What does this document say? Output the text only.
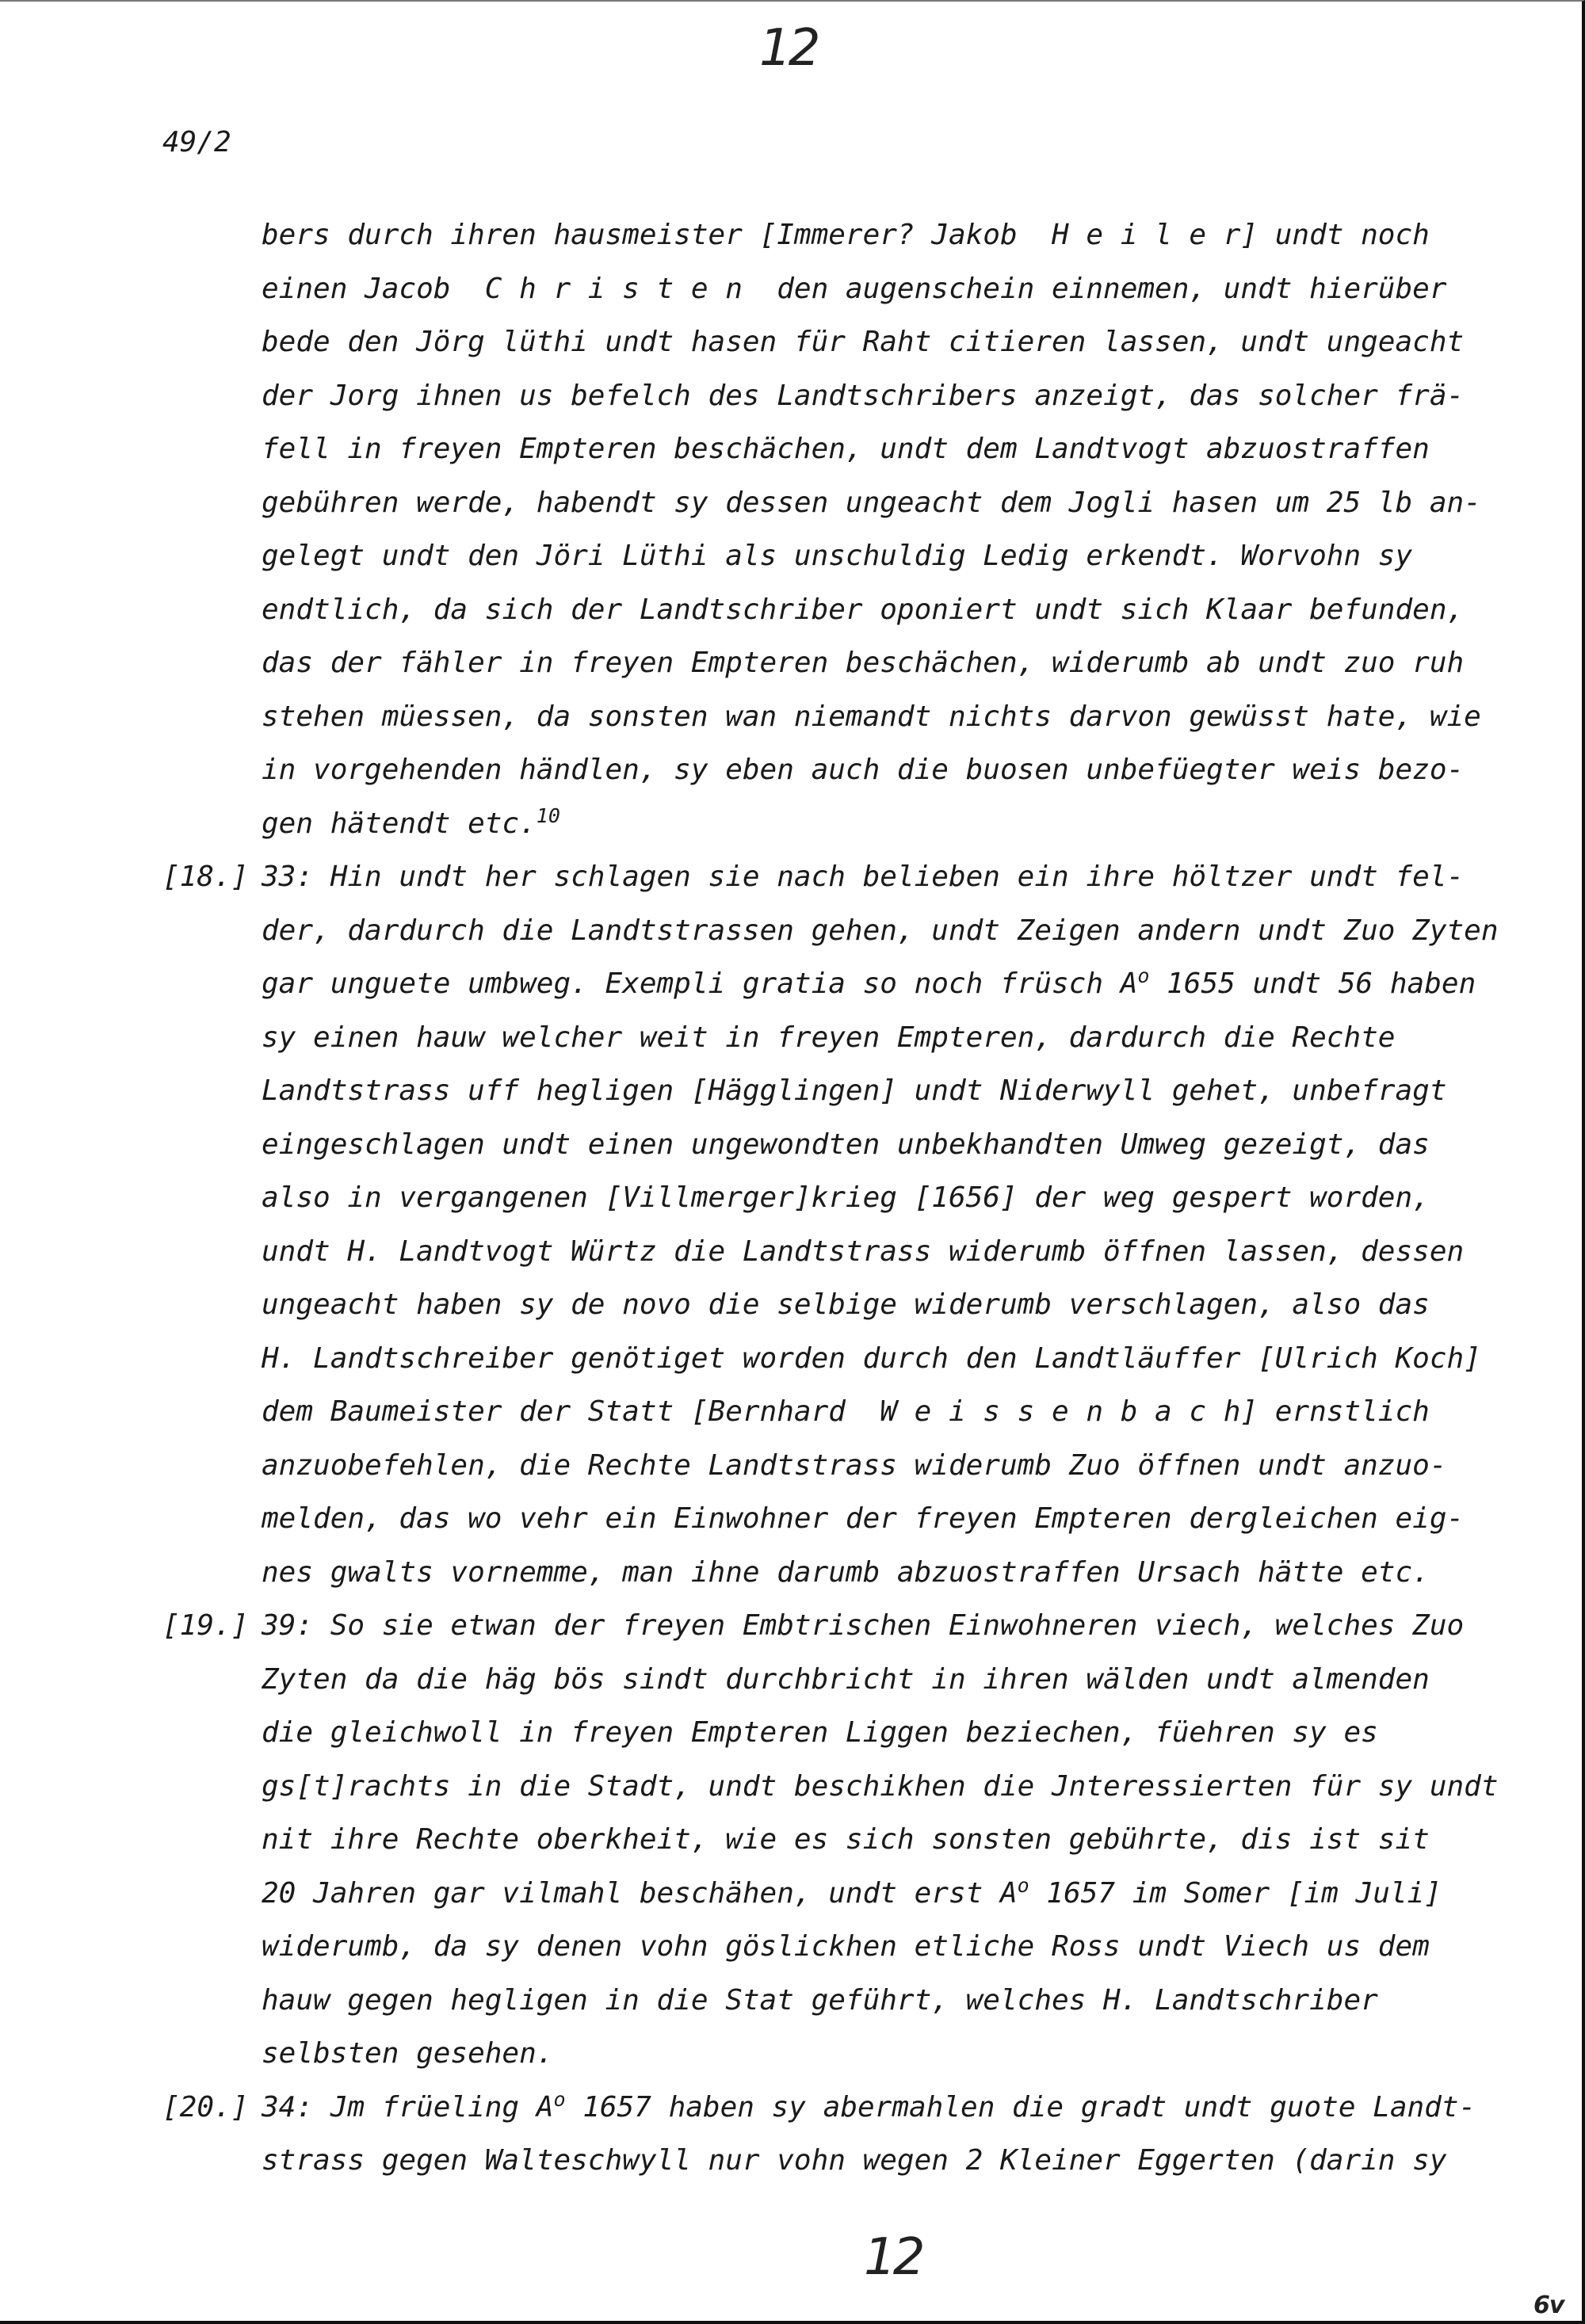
12
49/2
bers durch ihren hausmeister [Immerer? Jakob  H e i l e r] undt noch
einen Jacob  C h r i s t e n  den augenschein einnemen, undt hierüber
bede den Jörg lüthi undt hasen für Raht citieren lassen, undt ungeacht
der Jorg ihnen us befelch des Landtschribers anzeigt, das solcher frä-
fell in freyen Empteren beschächen, undt dem Landtvogt abzuostraffen
gebühren werde, habendt sy dessen ungeacht dem Jogli hasen um 25 lb an-
gelegt undt den Jöri Lüthi als unschuldig Ledig erkendt. Worvohn sy
endtlich, da sich der Landtschriber oponiert undt sich Klaar befunden,
das der fähler in freyen Empteren beschächen, widerumb ab undt zuo ruh
stehen müessen, da sonsten wan niemandt nichts darvon gewüsst hate, wie
in vorgehenden händlen, sy eben auch die buosen unbefüegter weis bezo-
gen hätendt etc.$^{10}$
[18.] 33: Hin undt her schlagen sie nach belieben ein ihre höltzer undt fel-
der, dardurch die Landtstrassen gehen, undt Zeigen andern undt Zuo Zyten
gar unguete umbweg. Exempli gratia so noch früsch $A^o$ 1655 undt 56 haben
sy einen hauw welcher weit in freyen Empteren, dardurch die Rechte
Landtstrass uff hegligen [Hägglingen] undt Niderwyll gehet, unbefragt
eingeschlagen undt einen ungewondten unbekhandten Umweg gezeigt, das
also in vergangenen [Villmerger]krieg [1656] der weg gespert worden,
undt H. Landtvogt Würtz die Landtstrass widerumb öffnen lassen, dessen
ungeacht haben sy de novo die selbige widerumb verschlagen, also das
H. Landtschreiber genötiget worden durch den Landtläuffer [Ulrich Koch]
dem Baumeister der Statt [Bernhard  W e i s s e n b a c h] ernstlich
anzuobefehlen, die Rechte Landtstrass widerumb Zuo öffnen undt anzuo-
melden, das wo vehr ein Einwohner der freyen Empteren dergleichen eig-
nes gwalts vornemme, man ihne darumb abzuostraffen Ursach hätte etc.
[19.] 39: So sie etwan der freyen Embtrischen Einwohneren viech, welches Zuo
Zyten da die häg bös sindt durchbricht in ihren wälden undt almenden
die gleichwoll in freyen Empteren Liggen beziechen, füehren sy es
gs[t]rachts in die Stadt, undt beschikhen die Jnteressierten für sy undt
nit ihre Rechte oberkheit, wie es sich sonsten gebührte, dis ist sit
20 Jahren gar vilmahl beschähen, undt erst $A^o$ 1657 im Somer [im Juli]
widerumb, da sy denen vohn göslickhen etliche Ross undt Viech us dem
hauw gegen hegligen in die Stat geführt, welches H. Landtschriber
selbsten gesehen.
[20.] 34: Jm früeling $A^o$ 1657 haben sy abermahlen die gradt undt guote Landt-
strass gegen Walteschwyll nur vohn wegen 2 Kleiner Eggerten (darin sy
12
6v
